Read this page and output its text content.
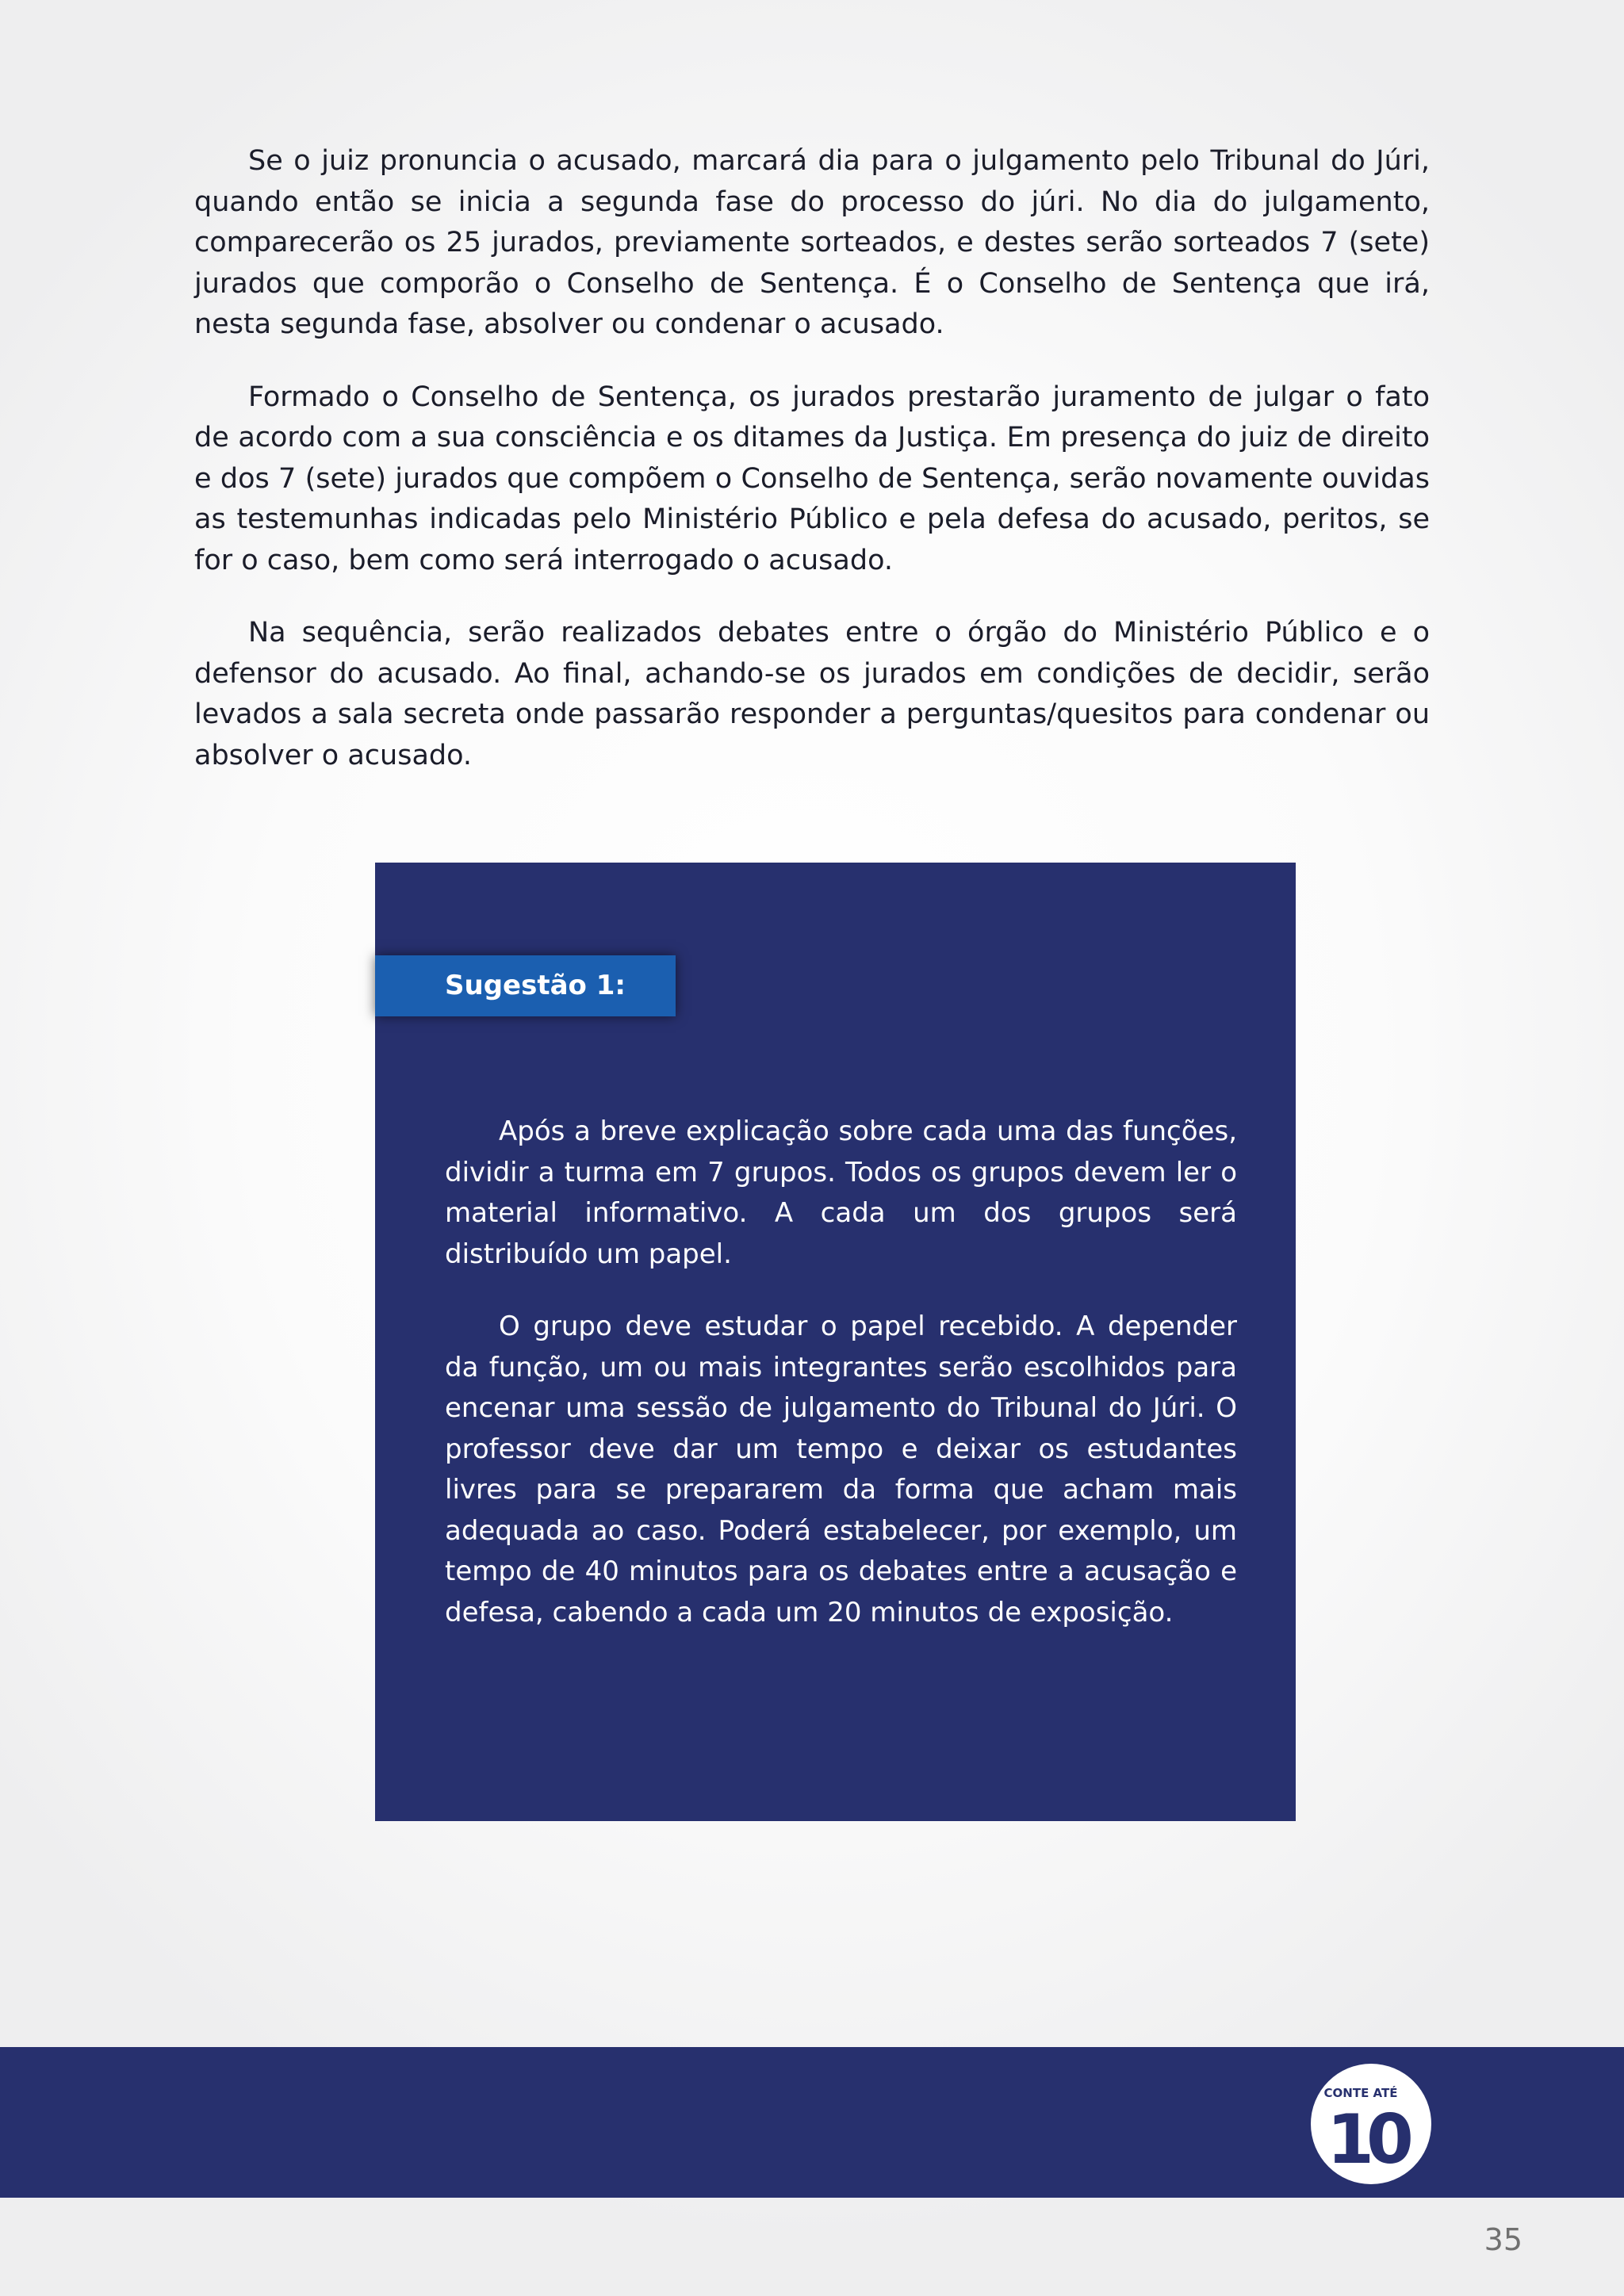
Se o juiz pronuncia o acusado, marcará dia para o julgamento pelo Tribunal do Júri, quando então se inicia a segunda fase do processo do júri. No dia do julgamento, comparecerão os 25 jurados, previamente sorteados, e destes serão sorteados 7 (sete) jurados que comporão o Conselho de Sentença. É o Conselho de Sentença que irá, nesta segunda fase, absolver ou condenar o acusado.

Formado o Conselho de Sentença, os jurados prestarão juramento de julgar o fato de acordo com a sua consciência e os ditames da Justiça. Em presença do juiz de direito e dos 7 (sete) jurados que compõem o Conselho de Sentença, serão novamente ouvidas as testemunhas indicadas pelo Ministério Público e pela defesa do acusado, peritos, se for o caso, bem como será interrogado o acusado.

Na sequência, serão realizados debates entre o órgão do Ministério Público e o defensor do acusado. Ao final, achando-se os jurados em condições de decidir, serão levados a sala secreta onde passarão responder a perguntas/quesitos para condenar ou absolver o acusado.

Sugestão 1:

Após a breve explicação sobre cada uma das funções, dividir a turma em 7 grupos. Todos os grupos devem ler o material informativo. A cada um dos grupos será distribuído um papel.

O grupo deve estudar o papel recebido. A depender da função, um ou mais integrantes serão escolhidos para encenar uma sessão de julgamento do Tribunal do Júri. O professor deve dar um tempo e deixar os estudantes livres para se prepararem da forma que acham mais adequada ao caso. Poderá estabelecer, por exemplo, um tempo de 40 minutos para os debates entre a acusação e defesa, cabendo a cada um 20 minutos de exposição.

CONTE ATÉ
10
35
